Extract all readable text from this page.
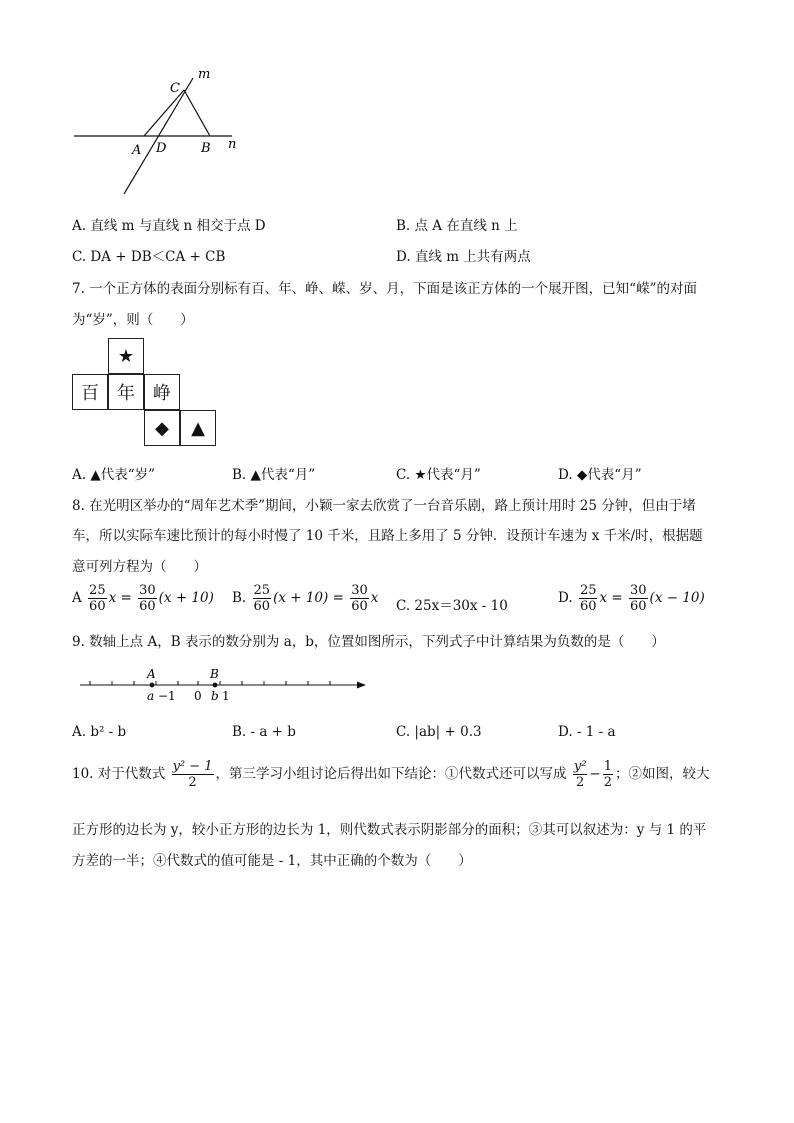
m
C
A D	B n
A. 直线 m 与直线 n 相交于点 D	B. 点 A 在直线 n 上
C. DA + DB＜CA + CB	D. 直线 m 上共有两点
7. 一个正方体的表面分别标有百、年、峥、嵘、岁、月，下面是该正方体的一个展开图，已知“嵘”的对面
为“岁”，则（　　）
★
百	年	峥
◆	▲
A. ▲代表“岁”	B. ▲代表“月”	C. ★代表“月”	D. ◆代表“月”
8. 在光明区举办的“周年艺术季”期间，小颖一家去欣赏了一台音乐剧，路上预计用时 25 分钟，但由于堵
车，所以实际车速比预计的每小时慢了 10 千米，且路上多用了 5 分钟．设预计车速为 x 千米/时，根据题
意可列方程为（　　）
A $\frac{25}{60}$ $x = \frac{30}{60} (x + 10)$ B. $\frac{25}{60} (x + 10) = \frac{30}{60}$ x C. 25x＝30x - 10	D. $\frac{25}{60}$ $x = \frac{30}{60} (x - 10)$
9. 数轴上点 A，B 表示的数分别为 a，b，位置如图所示，下列式子中计算结果为负数的是（　　）
A	B
a −1 0 b 1
A. b² - b	B. - a + b	C. |ab| + 0.3	D. - 1 - a
10. 对于代数式 $\frac{\text{y² − 1}}{2}$ ，第三学习小组讨论后得出如下结论：①代数式还可以写成 $\frac{\text{y²}}{2} - \frac{1}{2}$ ；②如图，较大
正方形的边长为 y，较小正方形的边长为 1，则代数式表示阴影部分的面积；③其可以叙述为：y 与 1 的平
方差的一半；④代数式的值可能是 - 1，其中正确的个数为（　　）
